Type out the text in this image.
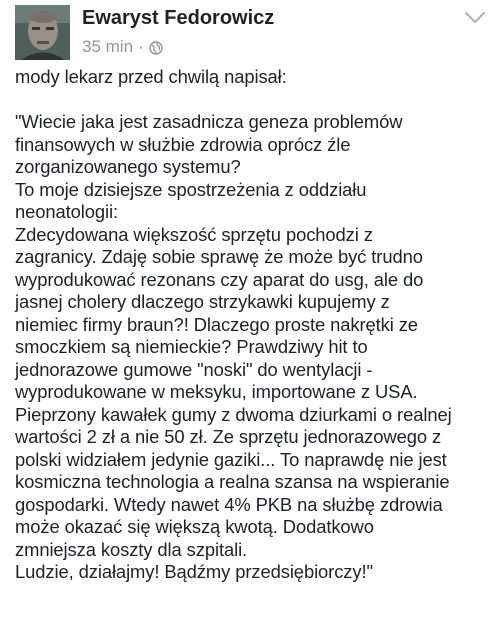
Ewaryst Fedorowicz
35 min ·
mody lekarz przed chwilą napisał:
"Wiecie jaka jest zasadnicza geneza problemów
finansowych w służbie zdrowia oprócz źle
zorganizowanego systemu?
To moje dzisiejsze spostrzeżenia z oddziału
neonatologii:
Zdecydowana większość sprzętu pochodzi z
zagranicy. Zdaję sobie sprawę że może być trudno
wyprodukować rezonans czy aparat do usg, ale do
jasnej cholery dlaczego strzykawki kupujemy z
niemiec firmy braun?! Dlaczego proste nakrętki ze
smoczkiem są niemieckie? Prawdziwy hit to
jednorazowe gumowe "noski" do wentylacji -
wyprodukowane w meksyku, importowane z USA.
Pieprzony kawałek gumy z dwoma dziurkami o realnej
wartości 2 zł a nie 50 zł. Ze sprzętu jednorazowego z
polski widziałem jedynie gaziki... To naprawdę nie jest
kosmiczna technologia a realna szansa na wspieranie
gospodarki. Wtedy nawet 4% PKB na służbę zdrowia
może okazać się większą kwotą. Dodatkowo
zmniejsza koszty dla szpitali.
Ludzie, działajmy! Bądźmy przedsiębiorczy!"
